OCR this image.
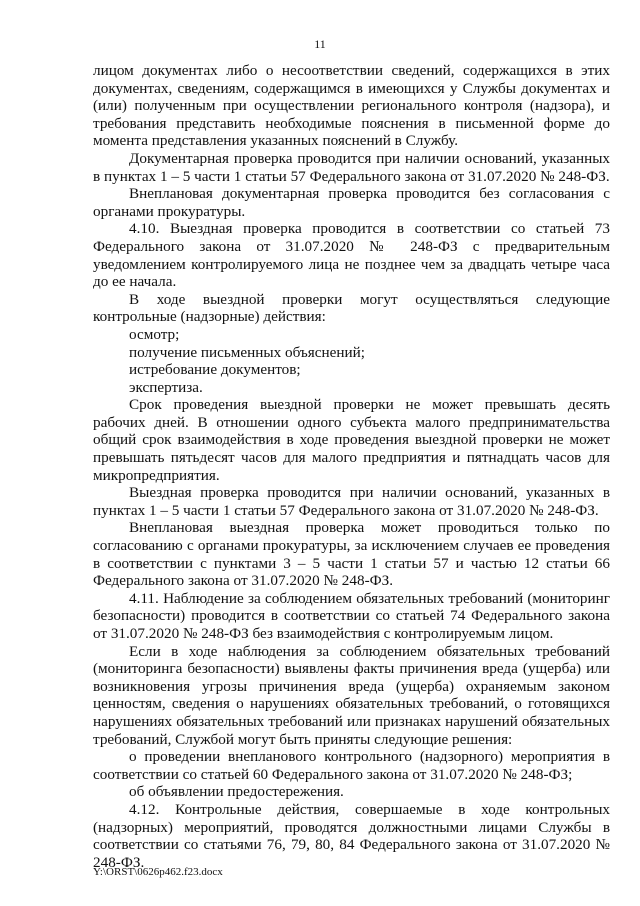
11

лицом документах либо о несоответствии сведений, содержащихся в этих документах, сведениям, содержащимся в имеющихся у Службы документах и (или) полученным при осуществлении регионального контроля (надзора), и требования представить необходимые пояснения в письменной форме до момента представления указанных пояснений в Службу.

Документарная проверка проводится при наличии оснований, указанных в пунктах 1 – 5 части 1 статьи 57 Федерального закона от 31.07.2020 № 248-ФЗ.

Внеплановая документарная проверка проводится без согласования с органами прокуратуры.

4.10. Выездная проверка проводится в соответствии со статьей 73 Федерального закона от 31.07.2020 № 248-ФЗ с предварительным уведомлением контролируемого лица не позднее чем за двадцать четыре часа до ее начала.

В ходе выездной проверки могут осуществляться следующие контрольные (надзорные) действия:

осмотр;

получение письменных объяснений;

истребование документов;

экспертиза.

Срок проведения выездной проверки не может превышать десять рабочих дней. В отношении одного субъекта малого предпринимательства общий срок взаимодействия в ходе проведения выездной проверки не может превышать пятьдесят часов для малого предприятия и пятнадцать часов для микропредприятия.

Выездная проверка проводится при наличии оснований, указанных в пунктах 1 – 5 части 1 статьи 57 Федерального закона от 31.07.2020 № 248-ФЗ.

Внеплановая выездная проверка может проводиться только по согласованию с органами прокуратуры, за исключением случаев ее проведения в соответствии с пунктами 3 – 5 части 1 статьи 57 и частью 12 статьи 66 Федерального закона от 31.07.2020 № 248-ФЗ.

4.11. Наблюдение за соблюдением обязательных требований (мониторинг безопасности) проводится в соответствии со статьей 74 Федерального закона от 31.07.2020 № 248-ФЗ без взаимодействия с контролируемым лицом.

Если в ходе наблюдения за соблюдением обязательных требований (мониторинга безопасности) выявлены факты причинения вреда (ущерба) или возникновения угрозы причинения вреда (ущерба) охраняемым законом ценностям, сведения о нарушениях обязательных требований, о готовящихся нарушениях обязательных требований или признаках нарушений обязательных требований, Службой могут быть приняты следующие решения:

о проведении внепланового контрольного (надзорного) мероприятия в соответствии со статьей 60 Федерального закона от 31.07.2020 № 248-ФЗ;

об объявлении предостережения.

4.12. Контрольные действия, совершаемые в ходе контрольных (надзорных) мероприятий, проводятся должностными лицами Службы в соответствии со статьями 76, 79, 80, 84 Федерального закона от 31.07.2020 № 248-ФЗ.

Y:\ORST\0626p462.f23.docx
